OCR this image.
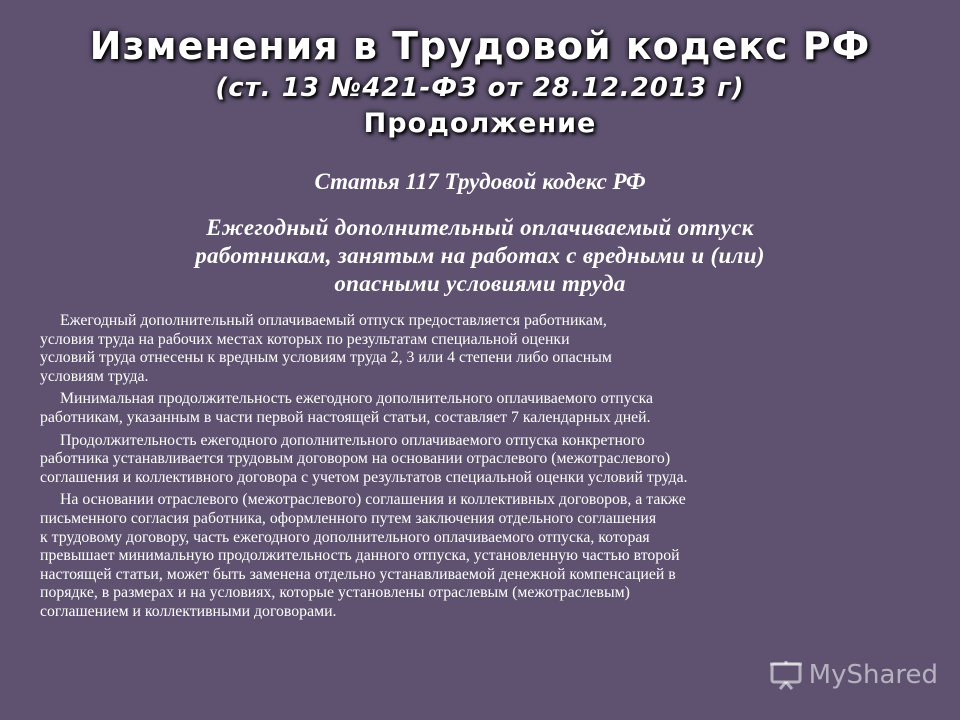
Изменения в Трудовой кодекс РФ
(ст. 13 №421-ФЗ от 28.12.2013 г)
Продолжение
Статья 117 Трудовой кодекс РФ
Ежегодный дополнительный оплачиваемый отпуск
работникам, занятым на работах с вредными и (или)
опасными условиями труда
Ежегодный дополнительный оплачиваемый отпуск предоставляется работникам,
условия труда на рабочих местах которых по результатам специальной оценки
условий труда отнесены к вредным условиям труда 2, 3 или 4 степени либо опасным
условиям труда.
Минимальная продолжительность ежегодного дополнительного оплачиваемого отпуска
работникам, указанным в части первой настоящей статьи, составляет 7 календарных дней.
Продолжительность ежегодного дополнительного оплачиваемого отпуска конкретного
работника устанавливается трудовым договором на основании отраслевого (межотраслевого)
соглашения и коллективного договора с учетом результатов специальной оценки условий труда.
На основании отраслевого (межотраслевого) соглашения и коллективных договоров, а также
письменного согласия работника, оформленного путем заключения отдельного соглашения
к трудовому договору, часть ежегодного дополнительного оплачиваемого отпуска, которая
превышает минимальную продолжительность данного отпуска, установленную частью второй
настоящей статьи, может быть заменена отдельно устанавливаемой денежной компенсацией в
порядке, в размерах и на условиях, которые установлены отраслевым (межотраслевым)
соглашением и коллективными договорами.
MyShared
